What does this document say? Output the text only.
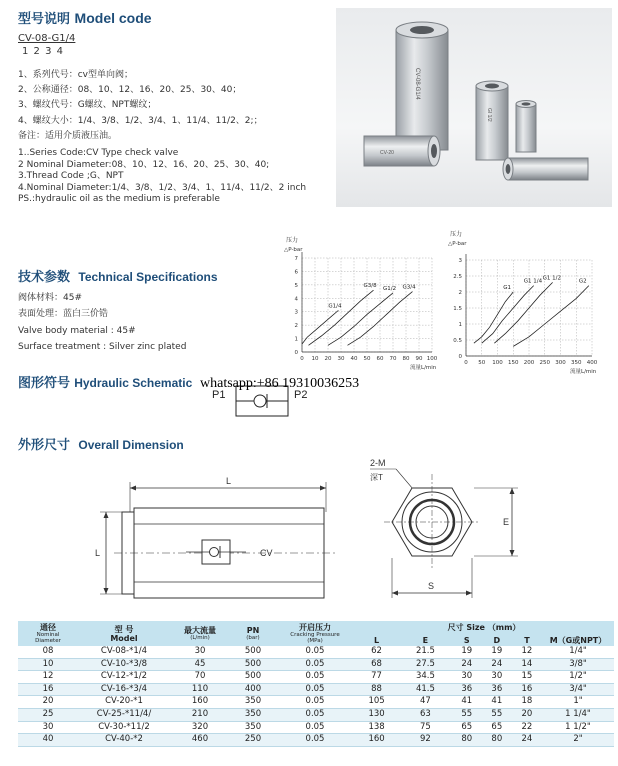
型号说明 Model code
CV-08-G1/4
1 2 3 4
1、系列代号：cv型单向阀；
2、公称通径：08、10、12、16、20、25、30、40；
3、螺纹代号：G螺纹、NPT螺纹；
4、螺纹大小：1/4、3/8、1/2、3/4、1、11/4、11/2、2;；
备注：适用介质液压油。
1..Series Code:CV Type check valve
2 Nominal Diameter:08、10、12、16、20、25、30、40;
3.Thread Code ;G、NPT
4.Nominal Diameter:1/4、3/8、1/2、3/4、1、11/4、11/2、2 inch
PS.:hydraulic oil as the medium is preferable
CV-08-G1/4
GI 1/2
CV-20
技术参数 Technical Specifications
阀体材料：45#
表面处理：蓝白三价锆
Valve body material : 45#
Surface treatment : Silver zinc plated
压力
△P-bar
0 10 20 30 40 50 60 70 80 90 100
0
1
2
3
4
5
6
7
流量L/min
G1/4
G3/8 G1/2 G3/4
压力
△P-bar
0 50 100 150 200 250 300 350 400
0
0.5
1
1.5
2
2.5
3
流量L/min
G1
G1 1/4
G1 1/2
G2
图形符号 Hydraulic Schematic
P1	P2
whatsapp:+86 19310036253
外形尺寸 Overall Dimension
L
CV
L
2-M
深T
E
S
通径
Nominal
Diameter	型 号
Model	最大流量
(L/min)	PN
(bar)	开启压力
Cracking Pressure
(MPa)	尺寸 Size （mm）					
					L	E	S	D	T	M（G或NPT）
08	CV-08-*1/4	30	500	0.05	62	21.5	19	19	12	1/4"
10	CV-10-*3/8	45	500	0.05	68	27.5	24	24	14	3/8"
12	CV-12-*1/2	70	500	0.05	77	34.5	30	30	15	1/2"
16	CV-16-*3/4	110	400	0.05	88	41.5	36	36	16	3/4"
20	CV-20-*1	160	350	0.05	105	47	41	41	18	1"
25	CV-25-*11/4/	210	350	0.05	130	63	55	55	20	1 1/4"
30	CV-30-*11/2	320	350	0.05	138	75	65	65	22	1 1/2"
40	CV-40-*2	460	250	0.05	160	92	80	80	24	2"
